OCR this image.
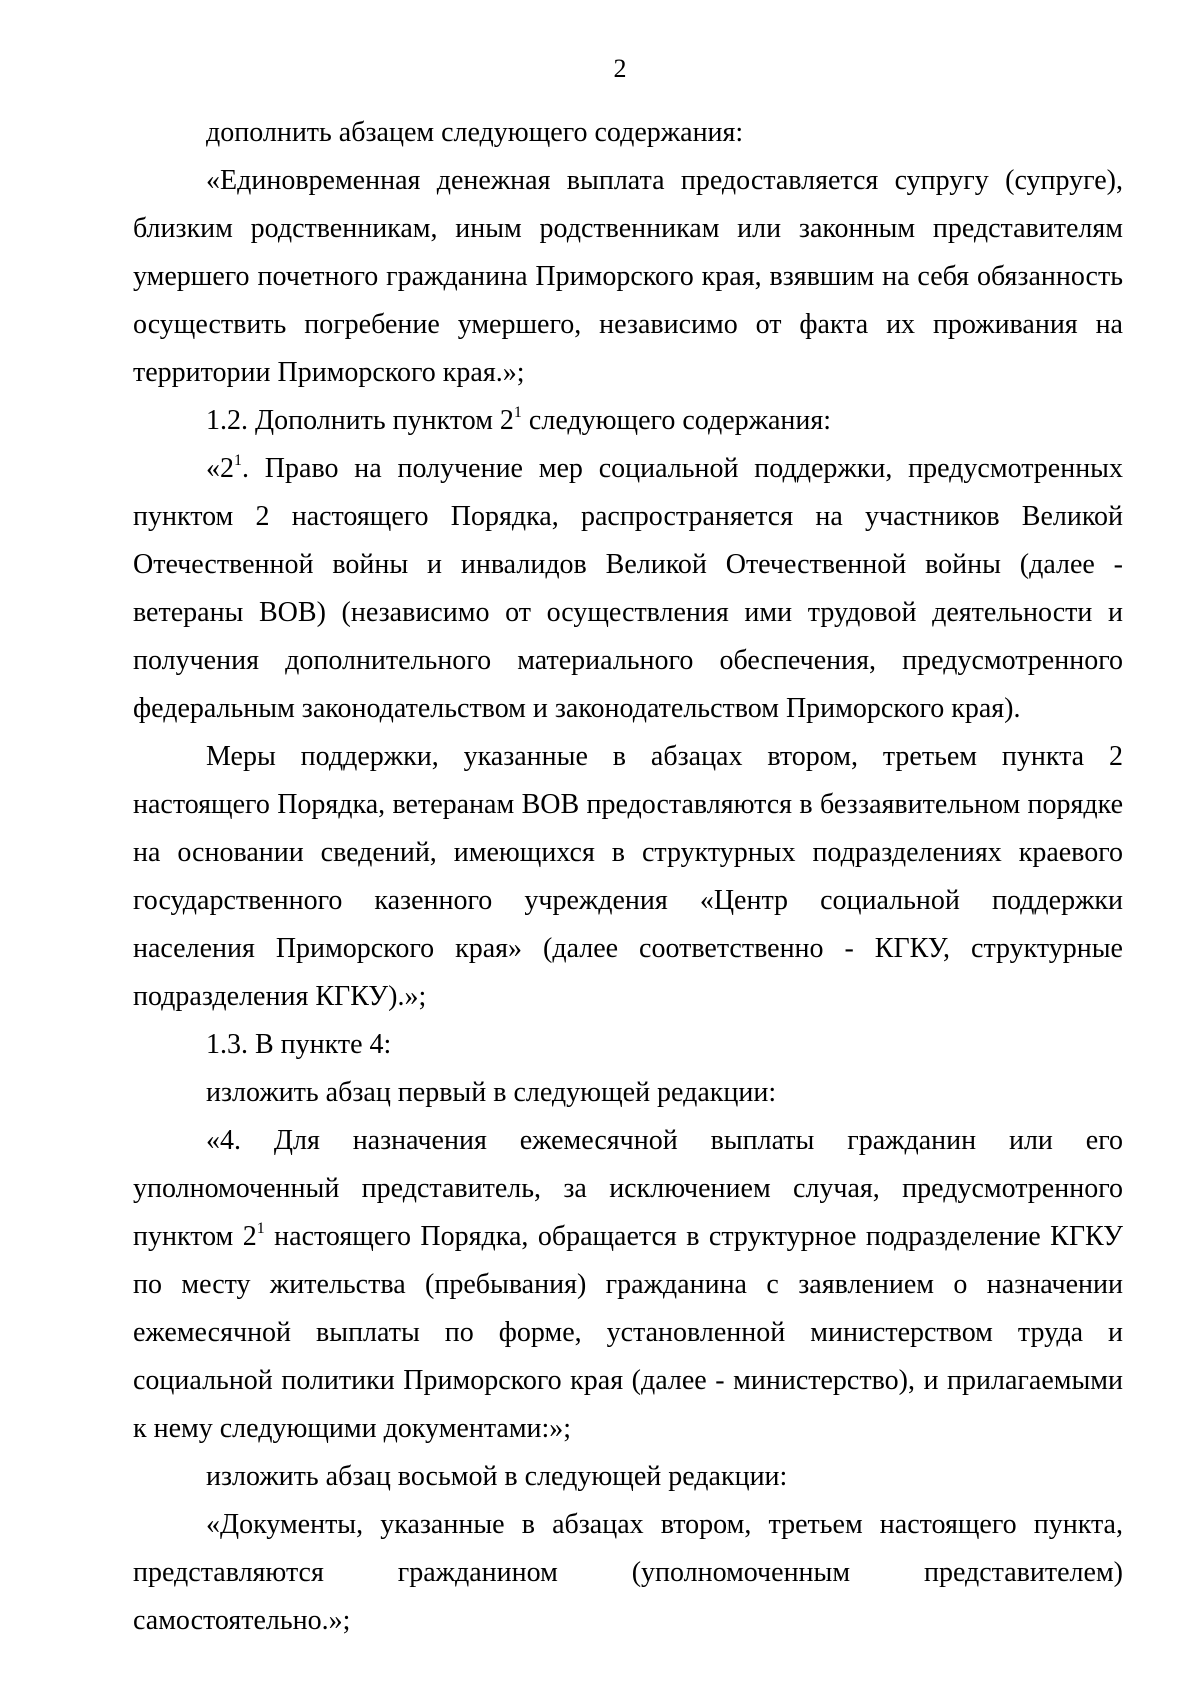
2

дополнить абзацем следующего содержания:

«Единовременная денежная выплата предоставляется супругу (супруге), близким родственникам, иным родственникам или законным представителям умершего почетного гражданина Приморского края, взявшим на себя обязанность осуществить погребение умершего, независимо от факта их проживания на территории Приморского края.»;

1.2. Дополнить пунктом $2^1$ следующего содержания:

«$2^1$. Право на получение мер социальной поддержки, предусмотренных пунктом 2 настоящего Порядка, распространяется на участников Великой Отечественной войны и инвалидов Великой Отечественной войны (далее - ветераны ВОВ) (независимо от осуществления ими трудовой деятельности и получения дополнительного материального обеспечения, предусмотренного федеральным законодательством и законодательством Приморского края).

Меры поддержки, указанные в абзацах втором, третьем пункта 2 настоящего Порядка, ветеранам ВОВ предоставляются в беззаявительном порядке на основании сведений, имеющихся в структурных подразделениях краевого государственного казенного учреждения «Центр социальной поддержки населения Приморского края» (далее соответственно - КГКУ, структурные подразделения КГКУ).»;

1.3. В пункте 4:

изложить абзац первый в следующей редакции:

«4. Для назначения ежемесячной выплаты гражданин или его уполномоченный представитель, за исключением случая, предусмотренного пунктом $2^1$ настоящего Порядка, обращается в структурное подразделение КГКУ по месту жительства (пребывания) гражданина с заявлением о назначении ежемесячной выплаты по форме, установленной министерством труда и социальной политики Приморского края (далее - министерство), и прилагаемыми к нему следующими документами:»;

изложить абзац восьмой в следующей редакции:

«Документы, указанные в абзацах втором, третьем настоящего пункта, представляются гражданином (уполномоченным представителем) самостоятельно.»;
